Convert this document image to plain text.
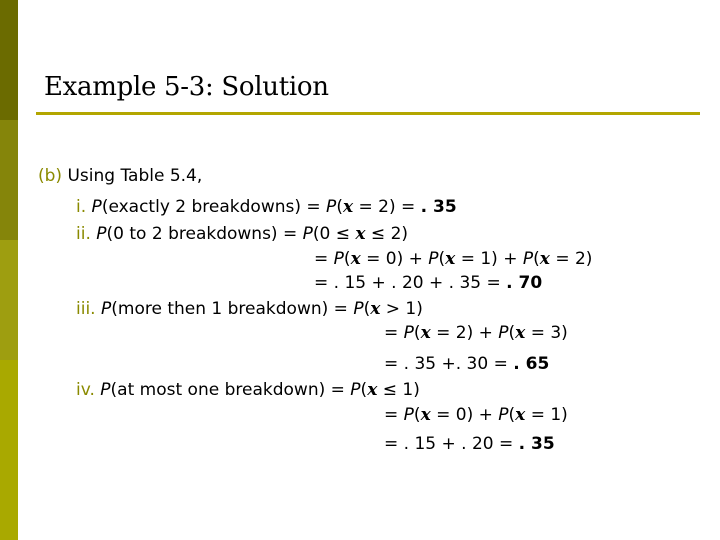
Example 5-3: Solution
(b) Using Table 5.4,
i. P(exactly 2 breakdowns) = P(x = 2) = . 35
ii. P(0 to 2 breakdowns) = P(0 ≤ x ≤ 2)
= P(x = 0) + P(x = 1) + P(x = 2)
= . 15 + . 20 + . 35 = . 70
iii. P(more then 1 breakdown) = P(x > 1)
= P(x = 2) + P(x = 3)
= . 35 +. 30 = . 65
iv. P(at most one breakdown) = P(x ≤ 1)
= P(x = 0) + P(x = 1)
= . 15 + . 20 = . 35
